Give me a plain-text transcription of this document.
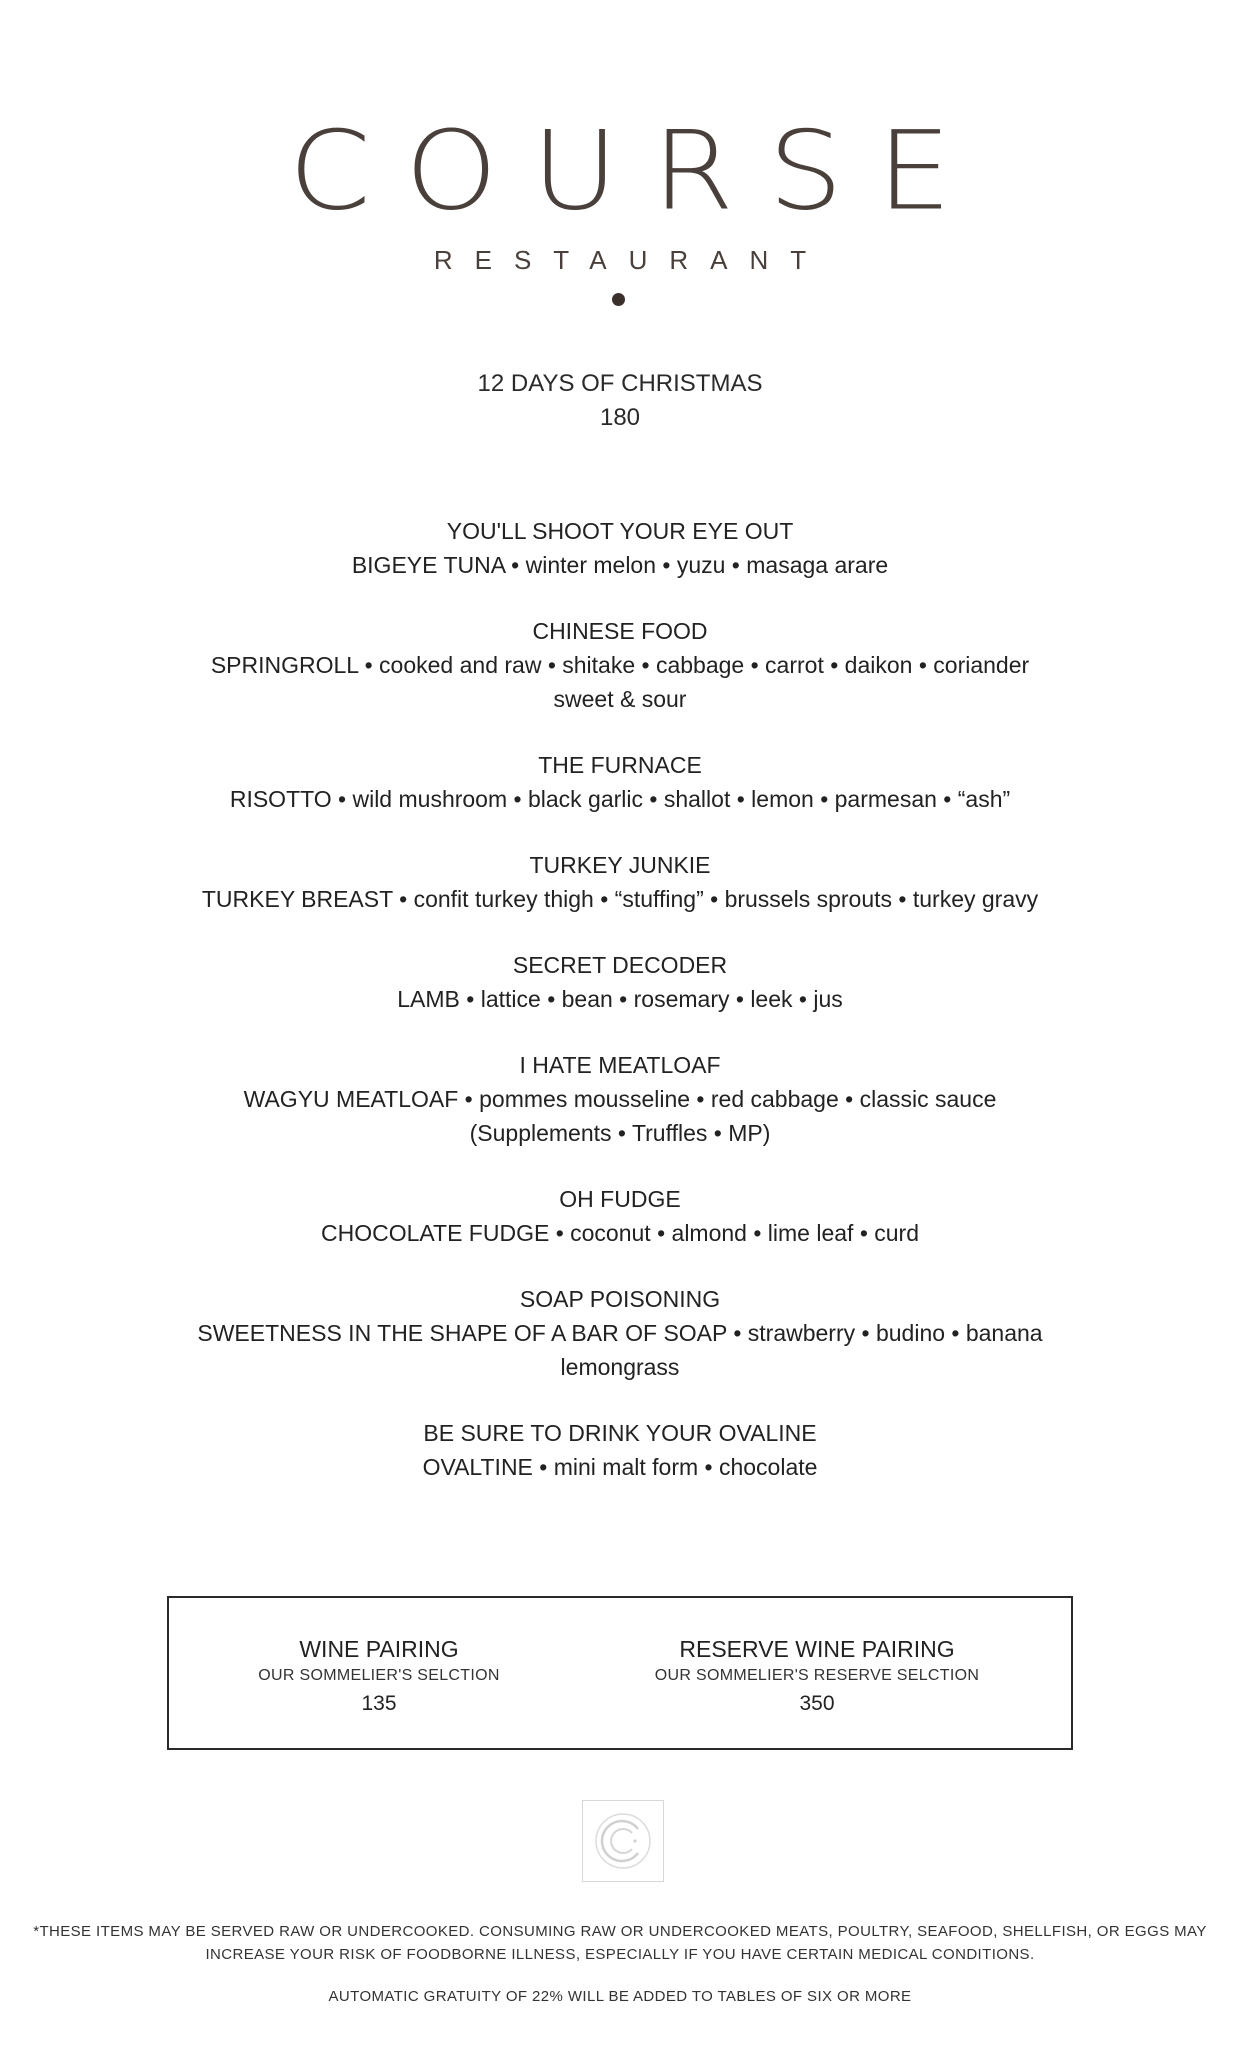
COURSE
RESTAURANT
12 DAYS OF CHRISTMAS
180
YOU'LL SHOOT YOUR EYE OUT
BIGEYE TUNA • winter melon • yuzu • masaga arare
CHINESE FOOD
SPRINGROLL • cooked and raw • shitake • cabbage • carrot • daikon • coriander
sweet & sour
THE FURNACE
RISOTTO • wild mushroom • black garlic • shallot • lemon • parmesan • “ash”
TURKEY JUNKIE
TURKEY BREAST • confit turkey thigh • “stuffing” • brussels sprouts • turkey gravy
SECRET DECODER
LAMB • lattice • bean • rosemary • leek • jus
I HATE MEATLOAF
WAGYU MEATLOAF • pommes mousseline • red cabbage • classic sauce
(Supplements • Truffles • MP)
OH FUDGE
CHOCOLATE FUDGE • coconut • almond • lime leaf • curd
SOAP POISONING
SWEETNESS IN THE SHAPE OF A BAR OF SOAP • strawberry • budino • banana
lemongrass
BE SURE TO DRINK YOUR OVALINE
OVALTINE • mini malt form • chocolate
WINE PAIRING
OUR SOMMELIER'S SELCTION
135
RESERVE WINE PAIRING
OUR SOMMELIER'S RESERVE SELCTION
350
*THESE ITEMS MAY BE SERVED RAW OR UNDERCOOKED. CONSUMING RAW OR UNDERCOOKED MEATS, POULTRY, SEAFOOD, SHELLFISH, OR EGGS MAY INCREASE YOUR RISK OF FOODBORNE ILLNESS, ESPECIALLY IF YOU HAVE CERTAIN MEDICAL CONDITIONS.
AUTOMATIC GRATUITY OF 22% WILL BE ADDED TO TABLES OF SIX OR MORE
